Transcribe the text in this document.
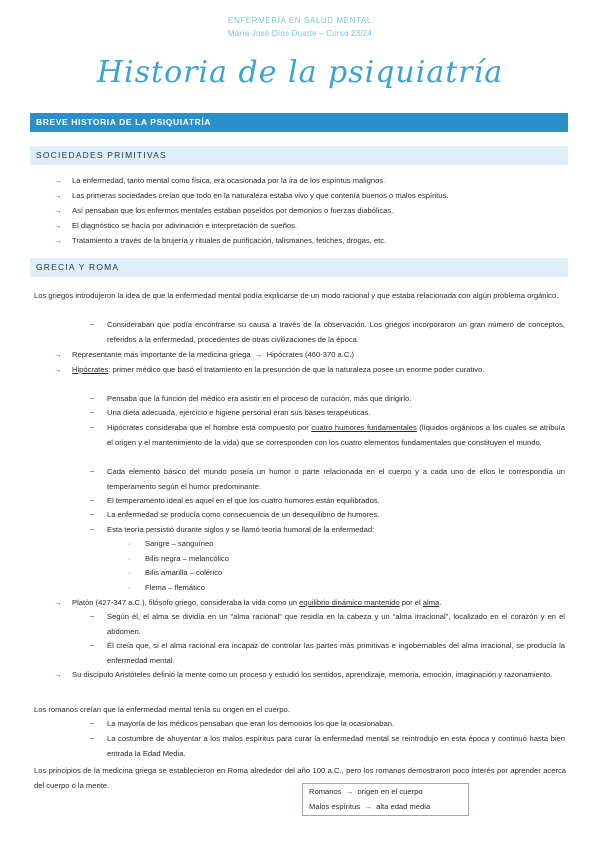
ENFERMERÍA EN SALUD MENTAL
María José Díos Duarte – Curso 23/24
Historia de la psiquiatría
BREVE HISTORIA DE LA PSIQUIATRÍA
SOCIEDADES PRIMITIVAS
→ La enfermedad, tanto mental como física, era ocasionada por la ira de los espíritus malignos.
→ Las primeras sociedades creían que todo en la naturaleza estaba vivo y que contenía buenos o malos espíritus.
→ Así pensaban que los enfermos mentales estaban poseídos por demonios o fuerzas diabólicas.
→ El diagnóstico se hacía por adivinación e interpretación de sueños.
→ Tratamiento a través de la brujería y rituales de purificación, talismanes, fetiches, drogas, etc.
GRECIA Y ROMA
Los griegos introdujeron la idea de que la enfermedad mental podía explicarse de un modo racional y que estaba relacionada con algún problema orgánico.
−	Consideraban que podía encontrarse su causa a través de la observación. Los griegos incorporaron un gran número de conceptos, referidos a la enfermedad, procedentes de otras civilizaciones de la época.
→ Representante más importante de la medicina griega  →  Hipócrates (460-370 a.C.)
→ Hipócrates: primer médico que basó el tratamiento en la presunción de que la naturaleza posee un enorme poder curativo.
−	Pensaba que la función del médico era asistir en el proceso de curación, más que dirigirlo.
−	Una dieta adecuada, ejercicio e higiene personal eran sus bases terapéuticas.
−	Hipócrates consideraba que el hombre está compuesto por cuatro humores fundamentales (líquidos orgánicos a los cuales se atribuía el origen y el mantenimiento de la vida) que se corresponden con los cuatro elementos fundamentales que constituyen el mundo.
−	Cada elemento básico del mundo poseía un humor o parte relacionada en el cuerpo y a cada uno de ellos le correspondía un temperamento según el humor predominante.
−	El temperamento ideal es aquel en el que los cuatro humores están equilibrados.
−	La enfermedad se producía como consecuencia de un desequilibrio de humores.
−	Esta teoría persistió durante siglos y se llamó teoría humoral de la enfermedad:
· Sangre – sanguíneo
· Bilis negra – melancólico
· Bilis amarilla – colérico
· Flema – flemático
→ Platón (427-347 a.C.), filósofo griego, consideraba la vida como un equilibrio dinámico mantenido por el alma.
−	Según él, el alma se dividía en un “alma racional” que residía en la cabeza y un “alma irracional”, localizado en el corazón y en el abdomen.
−	Él creía que, si el alma racional era incapaz de controlar las partes más primitivas e ingobernables del alma irracional, se producía la enfermedad mental.
→ Su discípulo Aristóteles definió la mente como un proceso y estudió los sentidos, aprendizaje, memoria, emoción, imaginación y razonamiento.
Los romanos creían que la enfermedad mental tenía su origen en el cuerpo.
−	La mayoría de los médicos pensaban que eran los demonios los que la ocasionaban.
−	La costumbre de ahuyentar a los malos espíritus para curar la enfermedad mental se reintrodujo en esta época y continuó hasta bien entrada la Edad Media.
Los principios de la medicina griega se establecieron en Roma alrededor del año 100 a.C., pero los romanos demostraron poco interés por aprender acerca del cuerpo o la mente.
Romanos  →  origen en el cuerpo
Malos espíritus  →  alta edad media
